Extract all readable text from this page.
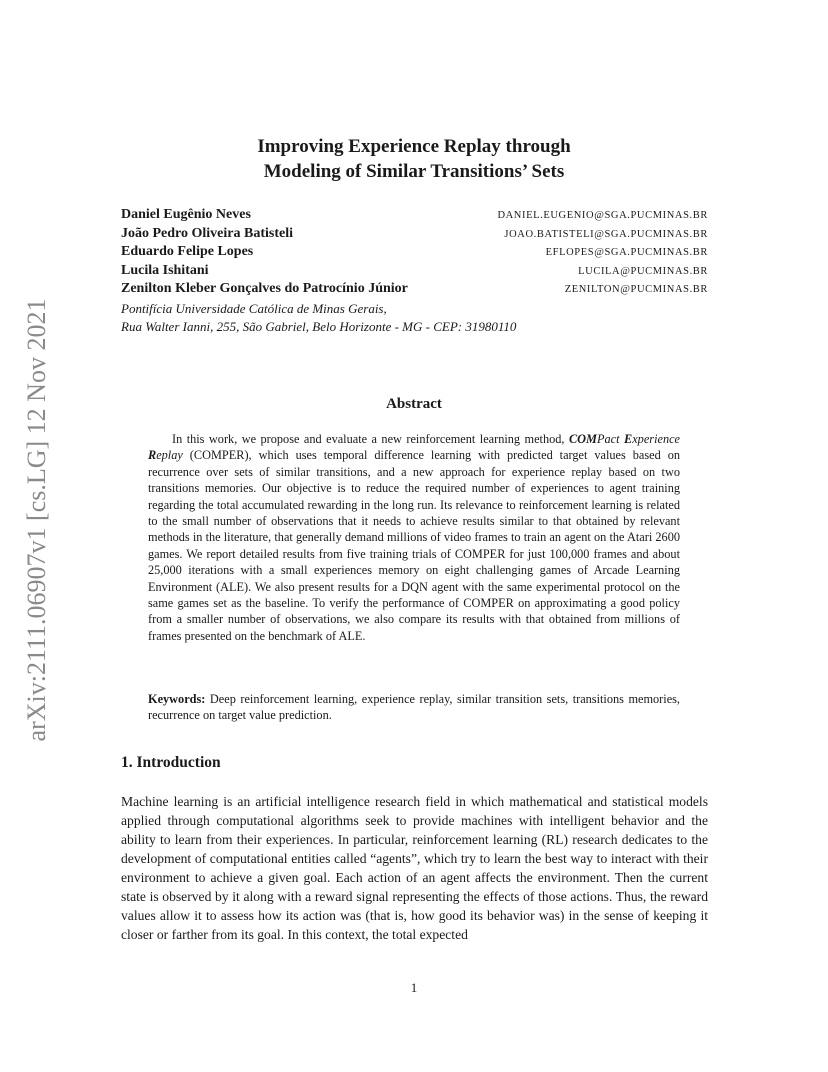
arXiv:2111.06907v1 [cs.LG] 12 Nov 2021
Improving Experience Replay through
Modeling of Similar Transitions’ Sets
Daniel Eugênio Neves	DANIEL.EUGENIO@SGA.PUCMINAS.BR
João Pedro Oliveira Batisteli	JOAO.BATISTELI@SGA.PUCMINAS.BR
Eduardo Felipe Lopes	EFLOPES@SGA.PUCMINAS.BR
Lucila Ishitani	LUCILA@PUCMINAS.BR
Zenilton Kleber Gonçalves do Patrocínio Júnior	ZENILTON@PUCMINAS.BR
Pontifícia Universidade Católica de Minas Gerais,
Rua Walter Ianni, 255, São Gabriel, Belo Horizonte - MG - CEP: 31980110
Abstract

In this work, we propose and evaluate a new reinforcement learning method, COMPact Experience Replay (COMPER), which uses temporal difference learning with predicted target values based on recurrence over sets of similar transitions, and a new approach for experience replay based on two transitions memories. Our objective is to reduce the required number of experiences to agent training regarding the total accumulated rewarding in the long run. Its relevance to reinforcement learning is related to the small number of observations that it needs to achieve results similar to that obtained by relevant methods in the literature, that generally demand millions of video frames to train an agent on the Atari 2600 games. We report detailed results from five training trials of COMPER for just 100,000 frames and about 25,000 iterations with a small experiences memory on eight challenging games of Arcade Learning Environment (ALE). We also present results for a DQN agent with the same experimental protocol on the same games set as the baseline. To verify the performance of COMPER on approximating a good policy from a smaller number of observations, we also compare its results with that obtained from millions of frames presented on the benchmark of ALE.

Keywords: Deep reinforcement learning, experience replay, similar transition sets, transitions memories, recurrence on target value prediction.
1. Introduction

Machine learning is an artificial intelligence research field in which mathematical and statistical models applied through computational algorithms seek to provide machines with intelligent behavior and the ability to learn from their experiences. In particular, reinforcement learning (RL) research dedicates to the development of computational entities called “agents”, which try to learn the best way to interact with their environment to achieve a given goal. Each action of an agent affects the environment. Then the current state is observed by it along with a reward signal representing the effects of those actions. Thus, the reward values allow it to assess how its action was (that is, how good its behavior was) in the sense of keeping it closer or farther from its goal. In this context, the total expected

1
